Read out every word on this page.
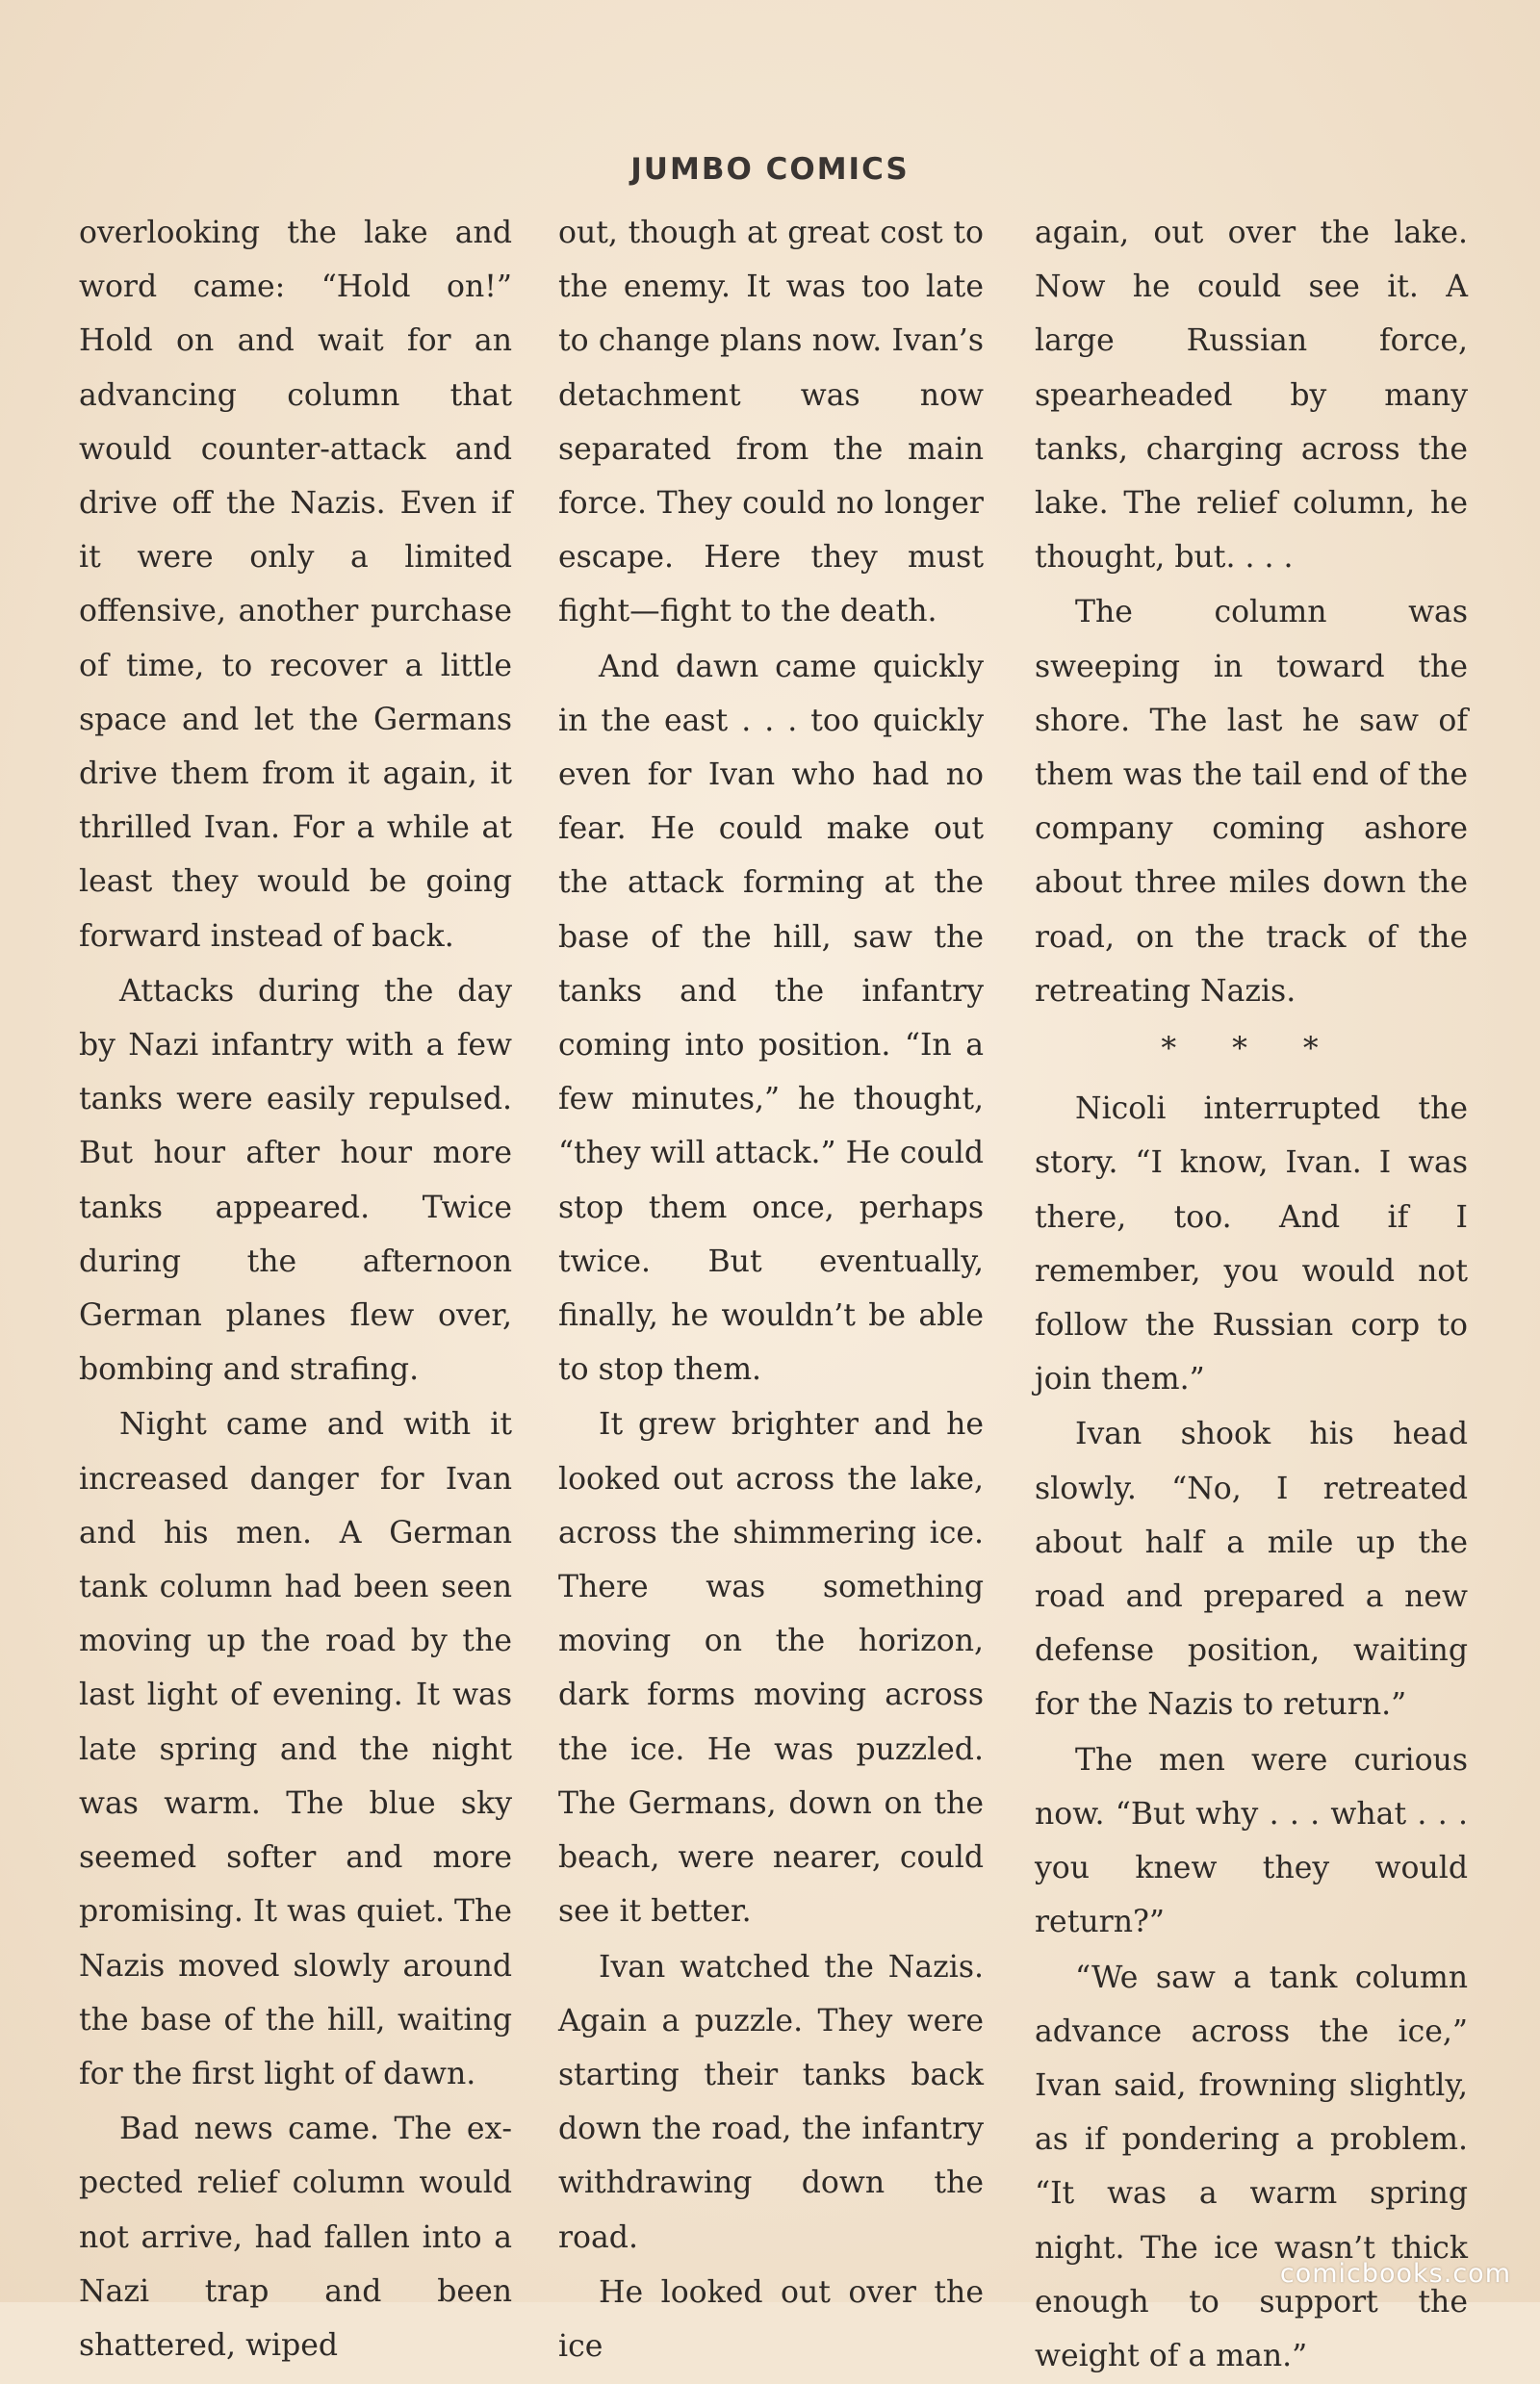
JUMBO COMICS

overlooking the lake and word came: “Hold on!” Hold on and wait for an advancing column that would counter-attack and drive off the Nazis. Even if it were only a limited offensive, another purchase of time, to recover a little space and let the Germans drive them from it again, it thrilled Ivan. For a while at least they would be going forward instead of back.

Attacks during the day by Nazi infantry with a few tanks were easily repulsed. But hour after hour more tanks appeared. Twice during the afternoon German planes flew over, bombing and strafing.

Night came and with it increased danger for Ivan and his men. A German tank column had been seen moving up the road by the last light of evening. It was late spring and the night was warm. The blue sky seemed softer and more promising. It was quiet. The Nazis moved slowly around the base of the hill, waiting for the first light of dawn.

Bad news came. The expected relief column would not arrive, had fallen into a Nazi trap and been shattered, wiped

out, though at great cost to the enemy. It was too late to change plans now. Ivan’s detachment was now separated from the main force. They could no longer escape. Here they must fight—fight to the death.

And dawn came quickly in the east . . . too quickly even for Ivan who had no fear. He could make out the attack forming at the base of the hill, saw the tanks and the infantry coming into position. “In a few minutes,” he thought, “they will attack.” He could stop them once, perhaps twice. But eventually, finally, he wouldn’t be able to stop them.

It grew brighter and he looked out across the lake, across the shimmering ice. There was something moving on the horizon, dark forms moving across the ice. He was puzzled. The Germans, down on the beach, were nearer, could see it better.

Ivan watched the Nazis. Again a puzzle. They were starting their tanks back down the road, the infantry withdrawing down the road.

He looked out over the ice

again, out over the lake. Now he could see it. A large Russian force, spearheaded by many tanks, charging across the lake. The relief column, he thought, but. . . .

The column was sweeping in toward the shore. The last he saw of them was the tail end of the company coming ashore about three miles down the road, on the track of the retreating Nazis.

* * *

Nicoli interrupted the story. “I know, Ivan. I was there, too. And if I remember, you would not follow the Russian corp to join them.”

Ivan shook his head slowly. “No, I retreated about half a mile up the road and prepared a new defense position, waiting for the Nazis to return.”

The men were curious now. “But why . . . what . . . you knew they would return?”

“We saw a tank column advance across the ice,” Ivan said, frowning slightly, as if pondering a problem. “It was a warm spring night. The ice wasn’t thick enough to support the weight of a man.”

comicbooks.com
